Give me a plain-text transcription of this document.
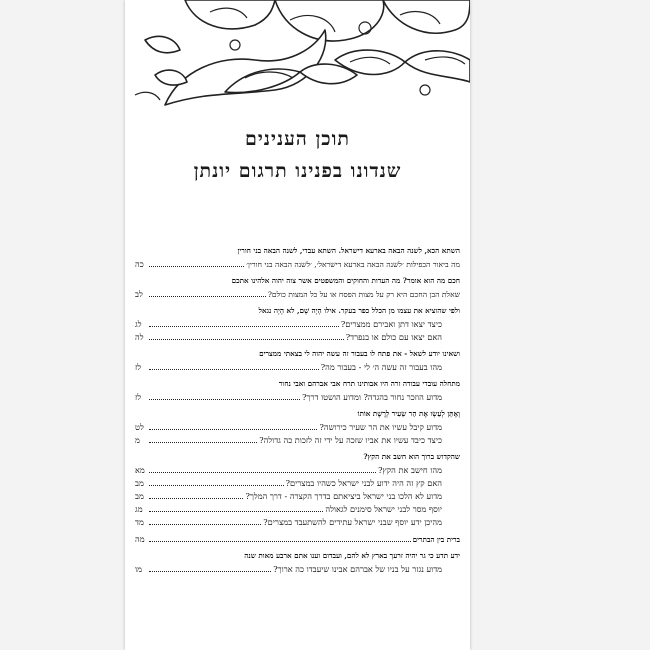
תוכן הענינים
שנדונו בפנינו תרגום יונתן
השתא הכא, לשנה הבאה בארעא דישראל. השתא עבדי, לשנה הבאה בני חורין
מה ביאור הכפילות ׳לשנה הבאה בארעא דישראל׳, ׳לשנה הבאה בני חורין׳
כה
חכם מה הוא אומר? מה העדות והחוקים והמשפטים אשר צוה יהוה אלהינו אתכם
שאלת הבן החכם היא רק על מצות הפסח או על כל המצות כולם?
לב
ולפי שהוציא את עצמו מן הכלל כפר בעקר. אילו הָיָה שָׁם, לא הָיָה נגאל
כיצד יצאו דתן ואבירם ממצרים?
לג
האם יצאו עם כולם או בנפרד?
לה
ושאינו יודע לשאל - את פתח לו בעבור זה עשה יהוה לי בצאתי ממצרים
מהו בעבור זה עשה ה׳ לי - בעבור מה?
לז
מתחלה עובדי עבודה זרה היו אבותינו תרח אבי אברהם ואבי נחור
מדוע הוזכר נחור בהגדה? ומדוע הושטו דרך?
לז
וָאֶתֵּן לְעֵשָׂו אֶת הַר שֵׂעִיר לָרֶשֶׁת אוֹתוֹ
מדוע קיבל עשיו את הר שעיר כירושה?
לט
כיצד כיבד עשיו את אביו שזכה על ידי זה לזכות כה גדולה?
מ
שהקדוש ברוך הוא חשב את הקץ?
מהו חישב את הקץ?
מא
האם קץ זה היה ידוע לבני ישראל כשהיו במצרים?
מב
מדוע לא הלכו בני ישראל ביציאתם בדרך הקצרה - דרך המלך?
מב
יוסף מסר לבני ישראל סימנים לגאולה
מג
מהיכן ידע יוסף שבני ישראל עתידים להשתעבד במצרים?
מד
ברית בין הבתרים
מה
ידע תדע כי גר יהיה זרעך בארץ לא להם, ועבדום וענו אתם ארבע מאות שנה
מדוע נגזר על בניו של אברהם אבינו שיעבדו כה ארוך?
מו
